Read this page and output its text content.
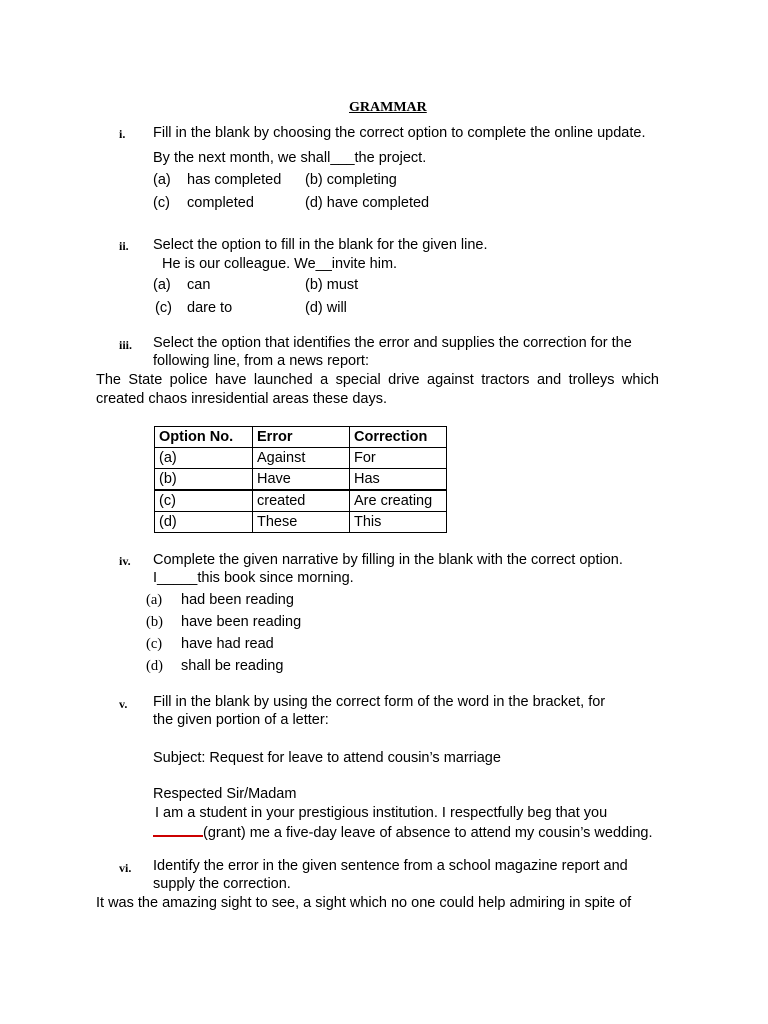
GRAMMAR
i. Fill in the blank by choosing the correct option to complete the online update.
By the next month, we shall___the project.
(a) has completed (b) completing
(c) completed	(d) have completed
ii. Select the option to fill in the blank for the given line.
He is our colleague. We__invite him.
(a) can	(b) must
(c) dare to	(d) will
iii. Select the option that identifies the error and supplies the correction for the
following line, from a news report:
The State police have launched a special drive against tractors and trolleys which
created chaos inresidential areas these days.
Option No.	Error	Correction
(a)	Against	For
(b)	Have	Has
(c)	created	Are creating
(d)	These	This
iv. Complete the given narrative by filling in the blank with the correct option.
I_____this book since morning.
(a) had been reading
(b) have been reading
(c) have had read
(d) shall be reading
v. Fill in the blank by using the correct form of the word in the bracket, for
the given portion of a letter:
Subject: Request for leave to attend cousin’s marriage
Respected Sir/Madam
I am a student in your prestigious institution. I respectfully beg that you
(grant) me a five-day leave of absence to attend my cousin’s wedding.
vi. Identify the error in the given sentence from a school magazine report and
supply the correction.
It was the amazing sight to see, a sight which no one could help admiring in spite of
